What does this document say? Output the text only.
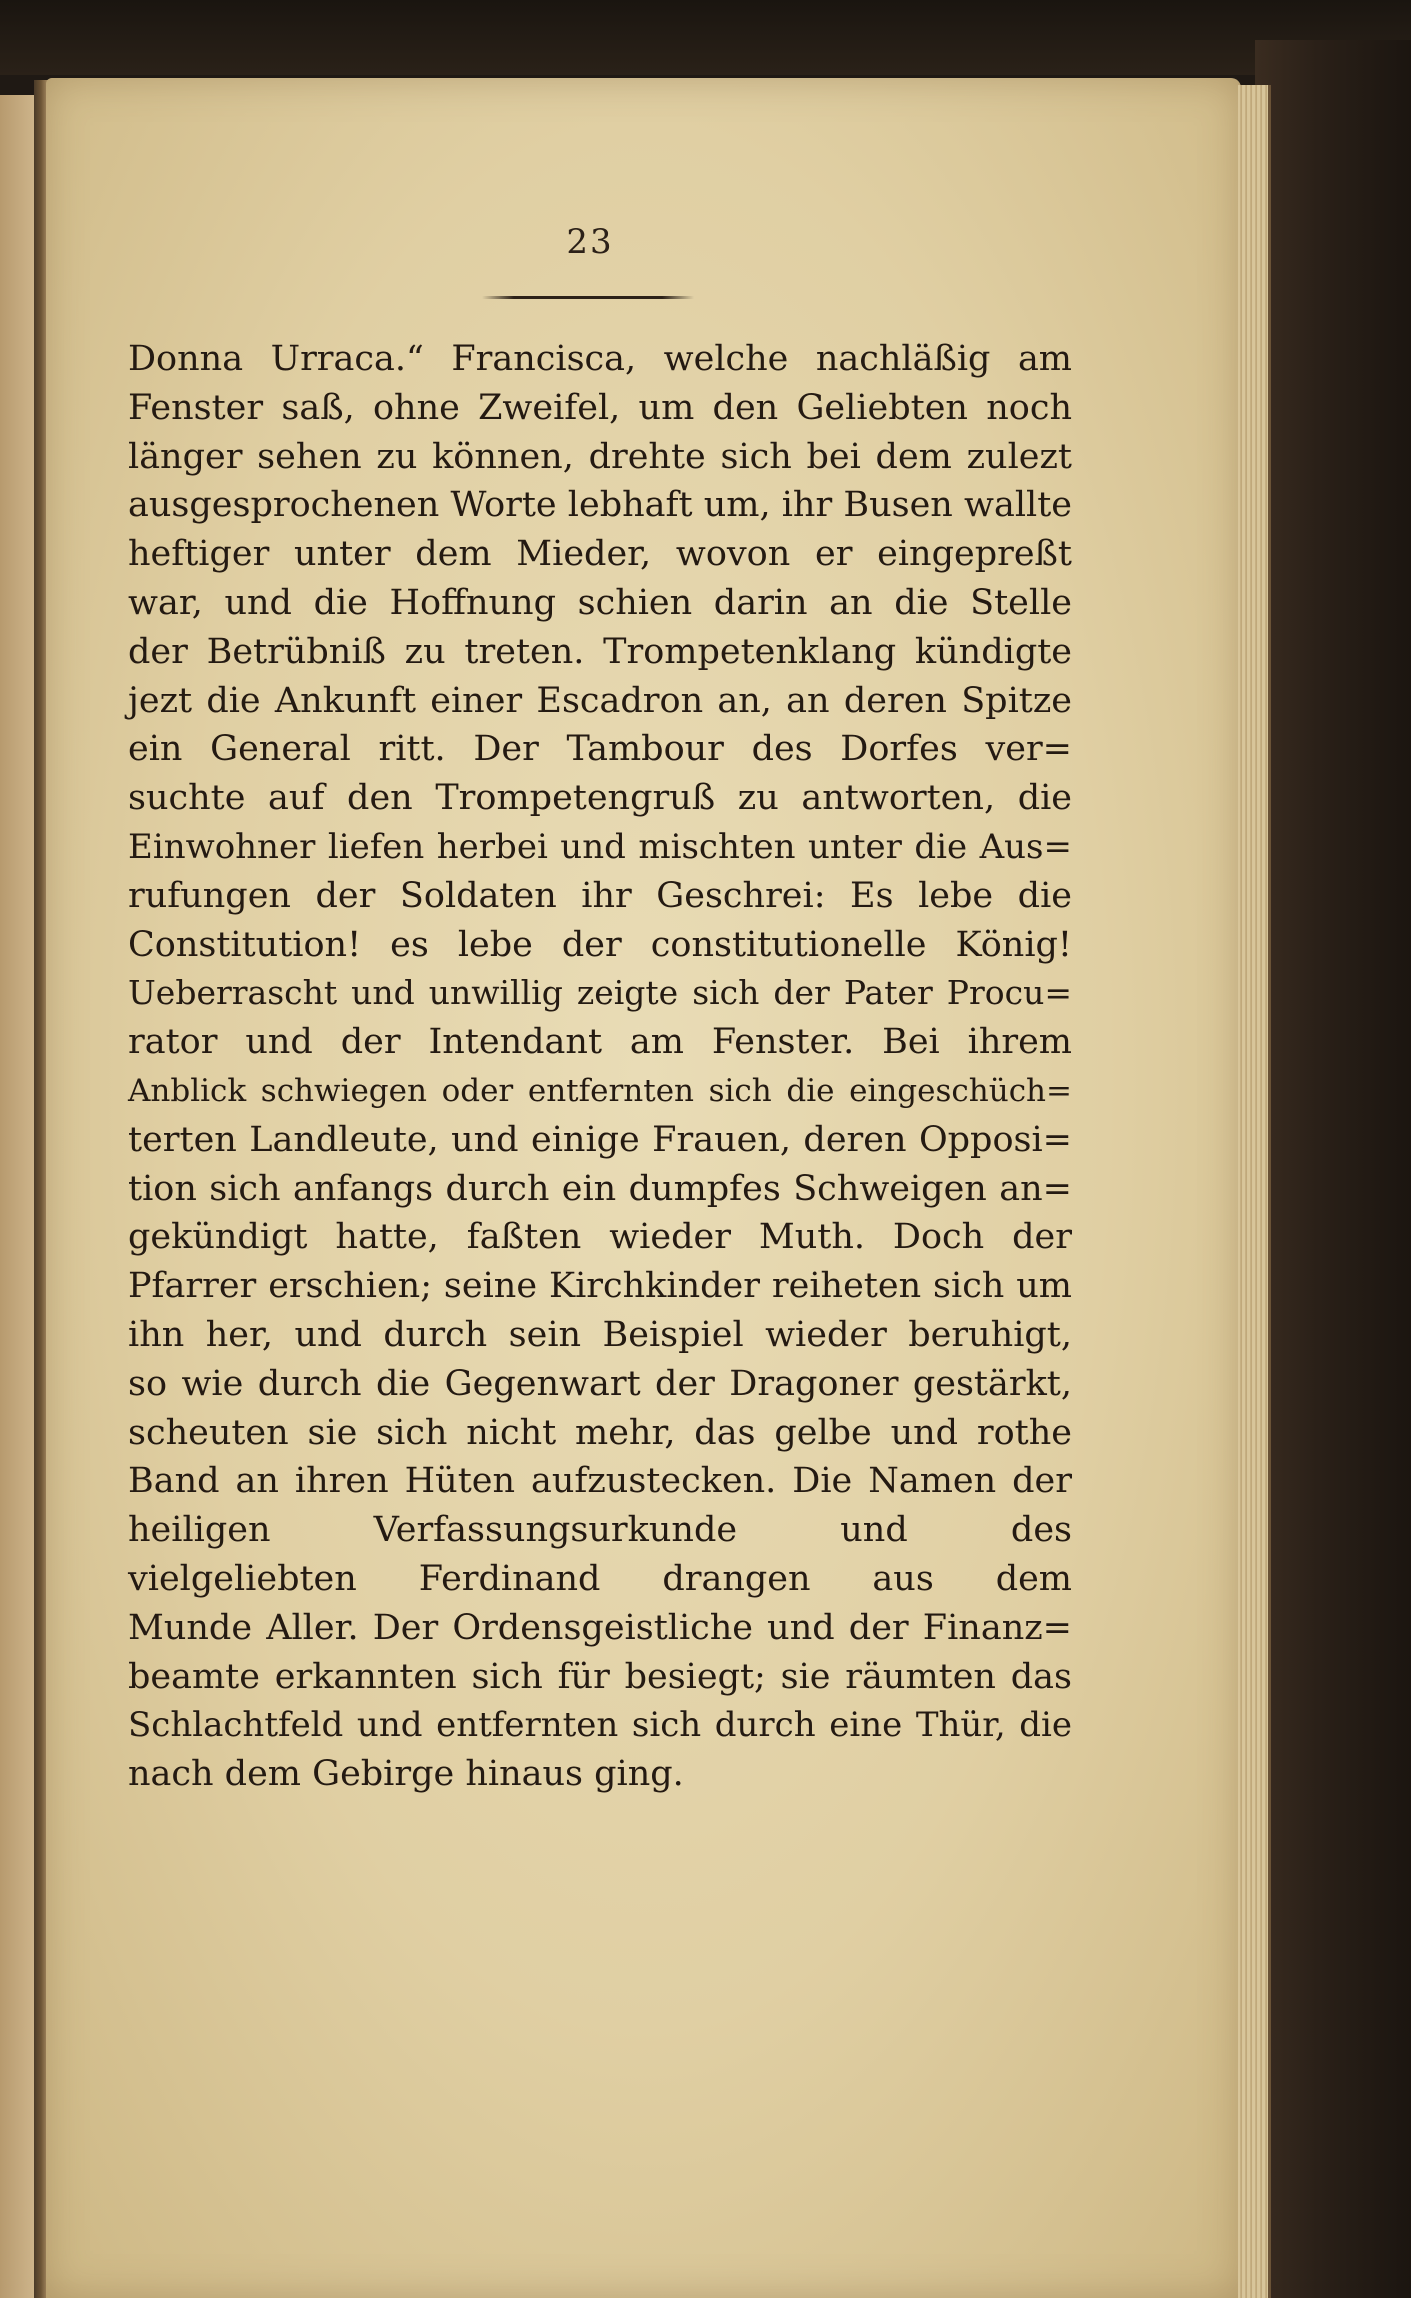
23
Donna Urraca.“ Francisca, welche nachläßig am
Fenster saß, ohne Zweifel, um den Geliebten noch
länger sehen zu können, drehte sich bei dem zulezt
ausgesprochenen Worte lebhaft um, ihr Busen wallte
heftiger unter dem Mieder, wovon er eingepreßt
war, und die Hoffnung schien darin an die Stelle
der Betrübniß zu treten. Trompetenklang kündigte
jezt die Ankunft einer Escadron an, an deren Spitze
ein General ritt. Der Tambour des Dorfes ver=
suchte auf den Trompetengruß zu antworten, die
Einwohner liefen herbei und mischten unter die Aus=
rufungen der Soldaten ihr Geschrei: Es lebe die
Constitution! es lebe der constitutionelle König!
Ueberrascht und unwillig zeigte sich der Pater Procu=
rator und der Intendant am Fenster. Bei ihrem
Anblick schwiegen oder entfernten sich die eingeschüch=
terten Landleute, und einige Frauen, deren Opposi=
tion sich anfangs durch ein dumpfes Schweigen an=
gekündigt hatte, faßten wieder Muth. Doch der
Pfarrer erschien; seine Kirchkinder reiheten sich um
ihn her, und durch sein Beispiel wieder beruhigt,
so wie durch die Gegenwart der Dragoner gestärkt,
scheuten sie sich nicht mehr, das gelbe und rothe
Band an ihren Hüten aufzustecken. Die Namen der
heiligen Verfassungsurkunde und des
vielgeliebten Ferdinand drangen aus dem
Munde Aller. Der Ordensgeistliche und der Finanz=
beamte erkannten sich für besiegt; sie räumten das
Schlachtfeld und entfernten sich durch eine Thür, die
nach dem Gebirge hinaus ging.
